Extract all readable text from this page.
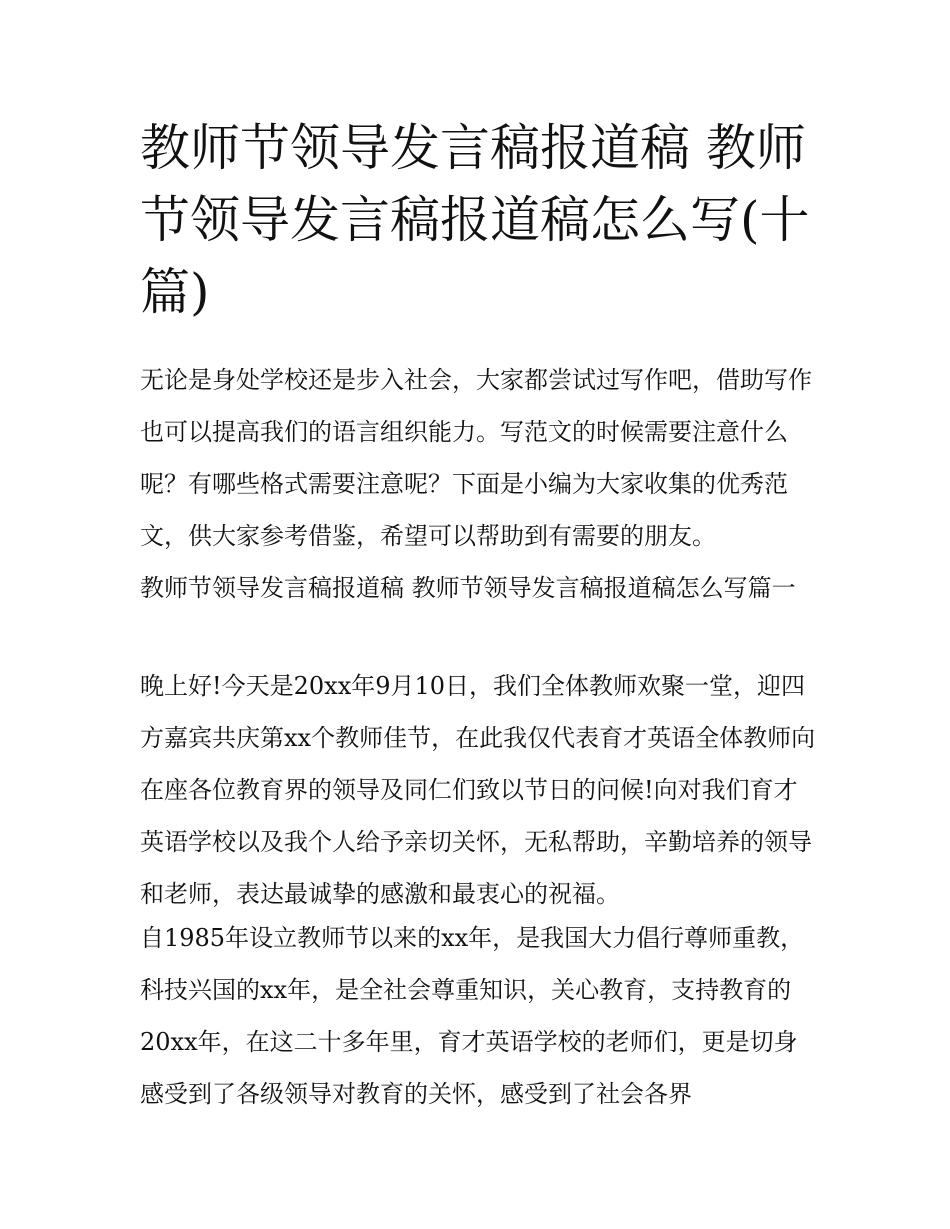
教师节领导发言稿报道稿 教师节领导发言稿报道稿怎么写(十篇)

无论是身处学校还是步入社会，大家都尝试过写作吧，借助写作也可以提高我们的语言组织能力。写范文的时候需要注意什么呢？有哪些格式需要注意呢？下面是小编为大家收集的优秀范文，供大家参考借鉴，希望可以帮助到有需要的朋友。

教师节领导发言稿报道稿 教师节领导发言稿报道稿怎么写篇一

晚上好!今天是20xx年9月10日，我们全体教师欢聚一堂，迎四方嘉宾共庆第xx个教师佳节，在此我仅代表育才英语全体教师向在座各位教育界的领导及同仁们致以节日的问候!向对我们育才英语学校以及我个人给予亲切关怀，无私帮助，辛勤培养的领导和老师，表达最诚挚的感激和最衷心的祝福。

自1985年设立教师节以来的xx年，是我国大力倡行尊师重教，科技兴国的xx年，是全社会尊重知识，关心教育，支持教育的20xx年，在这二十多年里，育才英语学校的老师们，更是切身感受到了各级领导对教育的关怀，感受到了社会各界
